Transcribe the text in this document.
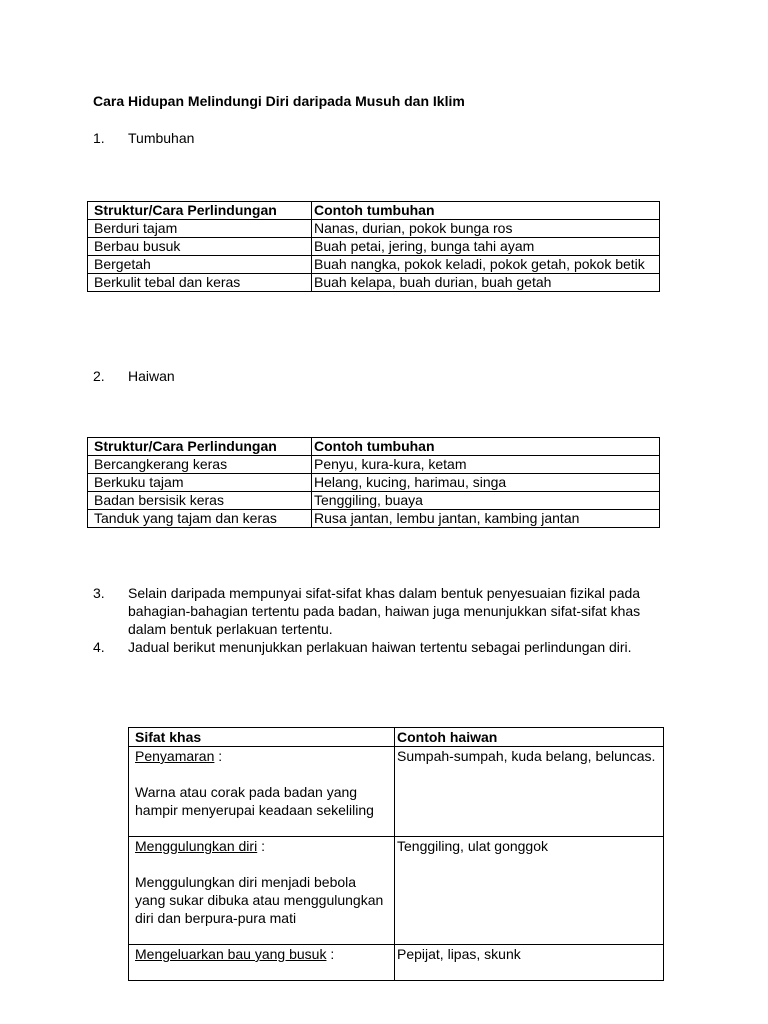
Cara Hidupan Melindungi Diri daripada Musuh dan Iklim
1. Tumbuhan
Struktur/Cara Perlindungan	Contoh tumbuhan
Berduri tajam	Nanas, durian, pokok bunga ros
Berbau busuk	Buah petai, jering, bunga tahi ayam
Bergetah	Buah nangka, pokok keladi, pokok getah, pokok betik
Berkulit tebal dan keras	Buah kelapa, buah durian, buah getah
2. Haiwan
Struktur/Cara Perlindungan	Contoh tumbuhan
Bercangkerang keras	Penyu, kura-kura, ketam
Berkuku tajam	Helang, kucing, harimau, singa
Badan bersisik keras	Tenggiling, buaya
Tanduk yang tajam dan keras	Rusa jantan, lembu jantan, kambing jantan
3. Selain daripada mempunyai sifat-sifat khas dalam bentuk penyesuaian fizikal pada bahagian-bahagian tertentu pada badan, haiwan juga menunjukkan sifat-sifat khas dalam bentuk perlakuan tertentu.
4. Jadual berikut menunjukkan perlakuan haiwan tertentu sebagai perlindungan diri.
Sifat khas	Contoh haiwan
Penyamaran :
Warna atau corak pada badan yang hampir menyerupai keadaan sekeliling	Sumpah-sumpah, kuda belang, beluncas.
Menggulungkan diri :
Menggulungkan diri menjadi bebola yang sukar dibuka atau menggulungkan diri dan berpura-pura mati	Tenggiling, ulat gonggok
Mengeluarkan bau yang busuk :	Pepijat, lipas, skunk
